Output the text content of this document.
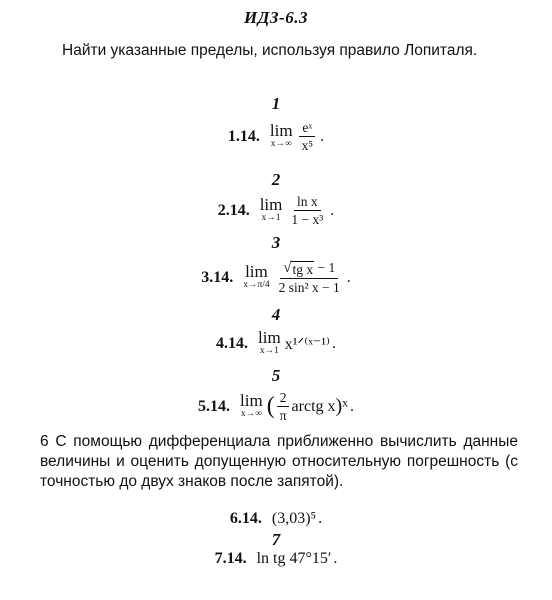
ИДЗ-6.3
Найти указанные пределы, используя правило Лопиталя.
1
1.14. lim
$x\to\infty \frac{\text{eˣ}}{\text{x⁵}}$ .
2
2.14. lim
$x\to 1 \frac{\text{ln x}}{\text{1 − x³}}$ .
3
3.14. lim
$x\to\pi/4 \frac{\text{√ tg x − 1}}{\text{2 sin² x − 1}}$ .
4
4.14. lim
x→1 x¹ᐟ⁽ˣ⁻¹⁾ .
5
5.14. lim
x→∞ ( $\frac{2}{\pi}$ arctg x )ˣ .
6 С помощью дифференциала приближенно вычислить данные величины и оценить допущенную относительную погрешность (с точностью до двух знаков после запятой).
6.14. (3,03)⁵ .
7
7.14. ln tg 47°15′ .
